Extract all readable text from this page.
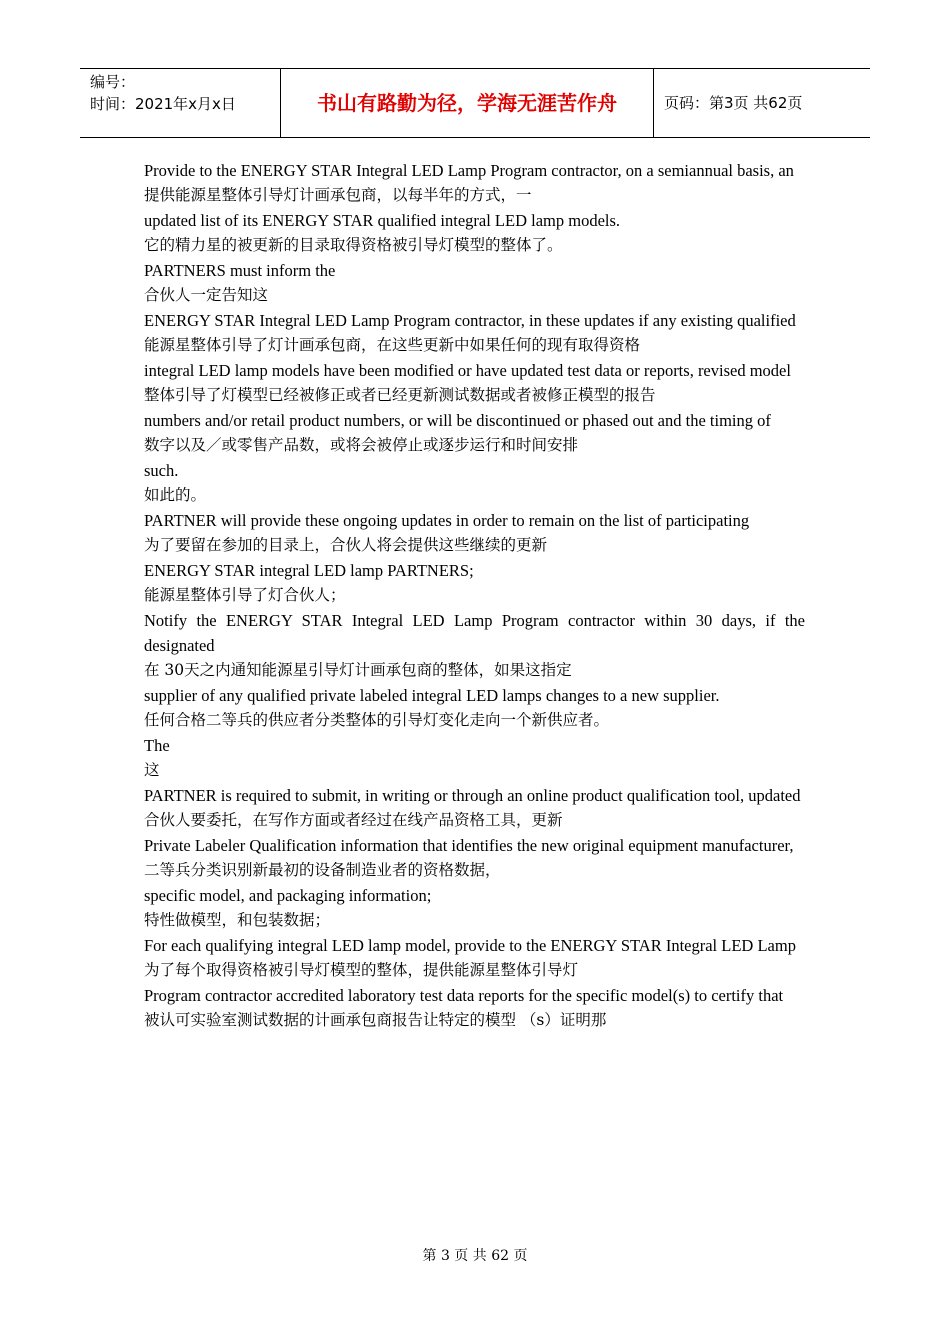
编号：
时间：2021年x月x日	书山有路勤为径，学海无涯苦作舟	页码：第3页 共62页

Provide to the ENERGY STAR Integral LED Lamp Program contractor, on a semiannual basis, an

提供能源星整体引导灯计画承包商，以每半年的方式，一

updated list of its ENERGY STAR qualified integral LED lamp models.

它的精力星的被更新的目录取得资格被引导灯模型的整体了。

PARTNERS must inform the

合伙人一定告知这

ENERGY STAR Integral LED Lamp Program contractor, in these updates if any existing qualified

能源星整体引导了灯计画承包商，在这些更新中如果任何的现有取得资格

integral LED lamp models have been modified or have updated test data or reports, revised model

整体引导了灯模型已经被修正或者已经更新测试数据或者被修正模型的报告

numbers and/or retail product numbers, or will be discontinued or phased out and the timing of

数字以及／或零售产品数，或将会被停止或逐步运行和时间安排

such.

如此的。

PARTNER will provide these ongoing updates in order to remain on the list of participating

为了要留在参加的目录上，合伙人将会提供这些继续的更新

ENERGY STAR integral LED lamp PARTNERS;

能源星整体引导了灯合伙人；

Notify the ENERGY STAR Integral LED Lamp Program contractor within 30 days, if the designated

在 30天之内通知能源星引导灯计画承包商的整体，如果这指定

supplier of any qualified private labeled integral LED lamps changes to a new supplier.

任何合格二等兵的供应者分类整体的引导灯变化走向一个新供应者。

The

这

PARTNER is required to submit, in writing or through an online product qualification tool, updated

合伙人要委托，在写作方面或者经过在线产品资格工具，更新

Private Labeler Qualification information that identifies the new original equipment manufacturer,

二等兵分类识别新最初的设备制造业者的资格数据，

specific model, and packaging information;

特性做模型，和包装数据；

For each qualifying integral LED lamp model, provide to the ENERGY STAR Integral LED Lamp

为了每个取得资格被引导灯模型的整体，提供能源星整体引导灯

Program contractor accredited laboratory test data reports for the specific model(s) to certify that

被认可实验室测试数据的计画承包商报告让特定的模型 （s）证明那

第 3 页 共 62 页
